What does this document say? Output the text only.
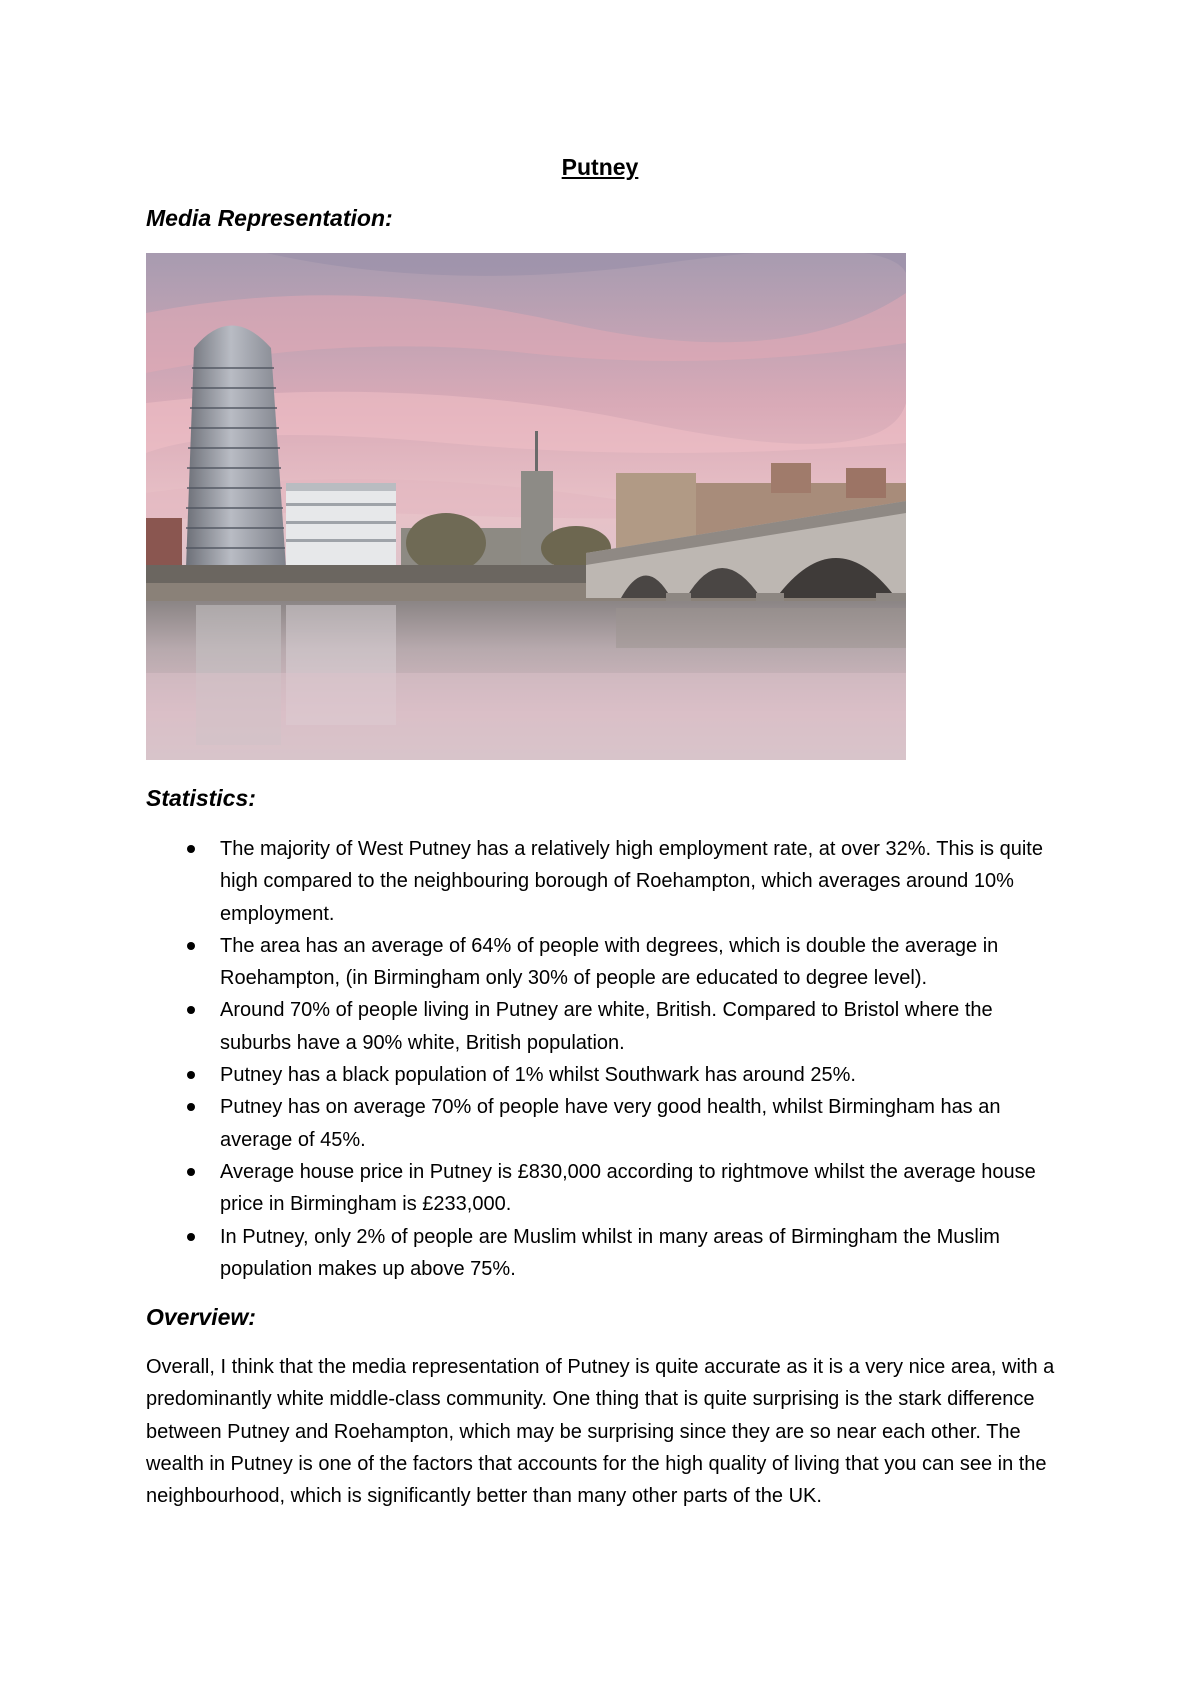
Putney
Media Representation:
Statistics:
The majority of West Putney has a relatively high employment rate, at over 32%. This is quite high compared to the neighbouring borough of Roehampton, which averages around 10% employment.
The area has an average of 64% of people with degrees, which is double the average in Roehampton, (in Birmingham only 30% of people are educated to degree level).
Around 70% of people living in Putney are white, British. Compared to Bristol where the suburbs have a 90% white, British population.
Putney has a black population of 1% whilst Southwark has around 25%.
Putney has on average 70% of people have very good health, whilst Birmingham has an average of 45%.
Average house price in Putney is £830,000 according to rightmove whilst the average house price in Birmingham is £233,000.
In Putney, only 2% of people are Muslim whilst in many areas of Birmingham the Muslim population makes up above 75%.
Overview:

Overall, I think that the media representation of Putney is quite accurate as it is a very nice area, with a predominantly white middle-class community. One thing that is quite surprising is the stark difference between Putney and Roehampton, which may be surprising since they are so near each other. The wealth in Putney is one of the factors that accounts for the high quality of living that you can see in the neighbourhood, which is significantly better than many other parts of the UK.
